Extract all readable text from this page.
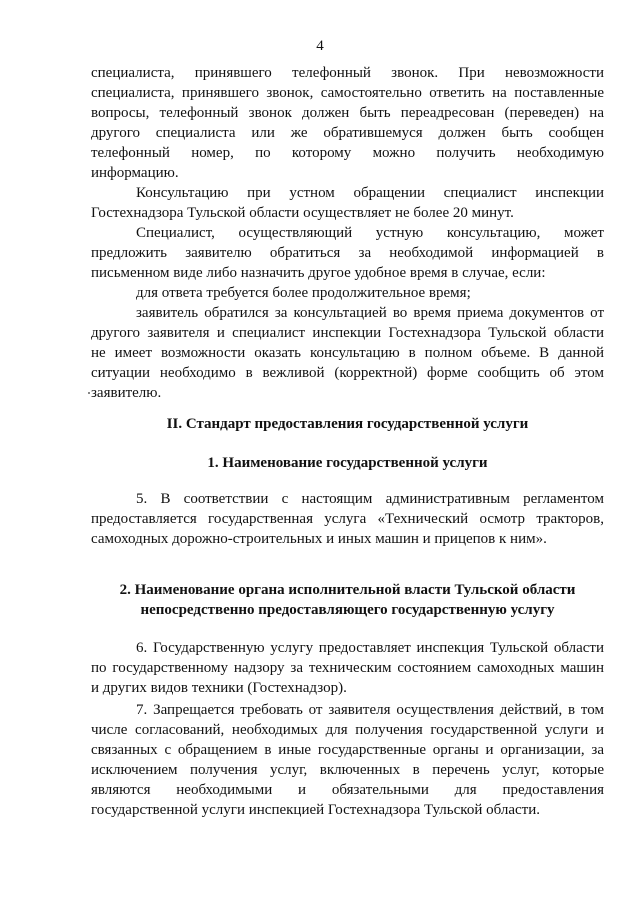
4
специалиста, принявшего телефонный звонок. При невозможности
специалиста, принявшего звонок, самостоятельно ответить на поставленные
вопросы, телефонный звонок должен быть переадресован (переведен) на
другого специалиста или же обратившемуся должен быть сообщен
телефонный номер, по которому можно получить необходимую
информацию.
Консультацию при устном обращении специалист инспекции
Гостехнадзора Тульской области осуществляет не более 20 минут.
Специалист, осуществляющий устную консультацию, может
предложить заявителю обратиться за необходимой информацией в
письменном виде либо назначить другое удобное время в случае, если:
для ответа требуется более продолжительное время;
заявитель обратился за консультацией во время приема документов от
другого заявителя и специалист инспекции Гостехнадзора Тульской области
не имеет возможности оказать консультацию в полном объеме. В данной
ситуации необходимо в вежливой (корректной) форме сообщить об этом
заявителю.
II. Стандарт предоставления государственной услуги
1. Наименование государственной услуги
5. В соответствии с настоящим административным регламентом
предоставляется государственная услуга «Технический осмотр тракторов,
самоходных дорожно-строительных и иных машин и прицепов к ним».
2. Наименование органа исполнительной власти Тульской области
непосредственно предоставляющего государственную услугу
6. Государственную услугу предоставляет инспекция Тульской области
по государственному надзору за техническим состоянием самоходных машин
и других видов техники (Гостехнадзор).
7. Запрещается требовать от заявителя осуществления действий, в том
числе согласований, необходимых для получения государственной услуги и
связанных с обращением в иные государственные органы и организации, за
исключением получения услуг, включенных в перечень услуг, которые
являются необходимыми и обязательными для предоставления
государственной услуги инспекцией Гостехнадзора Тульской области.
